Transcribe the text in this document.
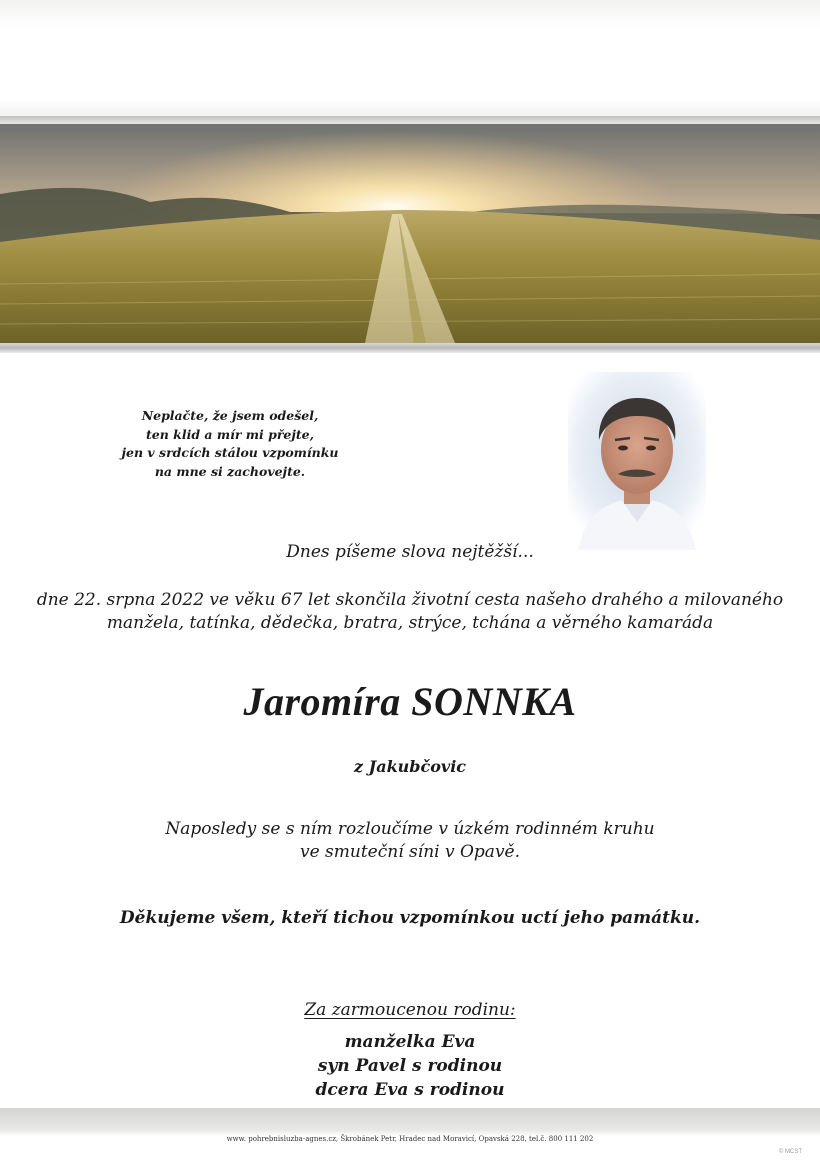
Neplačte, že jsem odešel,
ten klid a mír mi přejte,
jen v srdcích stálou vzpomínku
na mne si zachovejte.
Dnes píšeme slova nejtěžší...
dne 22. srpna 2022 ve věku 67 let skončila životní cesta našeho drahého a milovaného
manžela, tatínka, dědečka, bratra, strýce, tchána a věrného kamaráda
Jaromíra SONNKA
z Jakubčovic
Naposledy se s ním rozloučíme v úzkém rodinném kruhu
ve smuteční síni v Opavě.
Děkujeme všem, kteří tichou vzpomínkou uctí jeho památku.
Za zarmoucenou rodinu:
manželka Eva
syn Pavel s rodinou
dcera Eva s rodinou
www. pohrebnisluzba-agnes.cz, Škrobánek Petr, Hradec nad Moravicí, Opavská 228, tel.č. 800 111 202
© MCST
